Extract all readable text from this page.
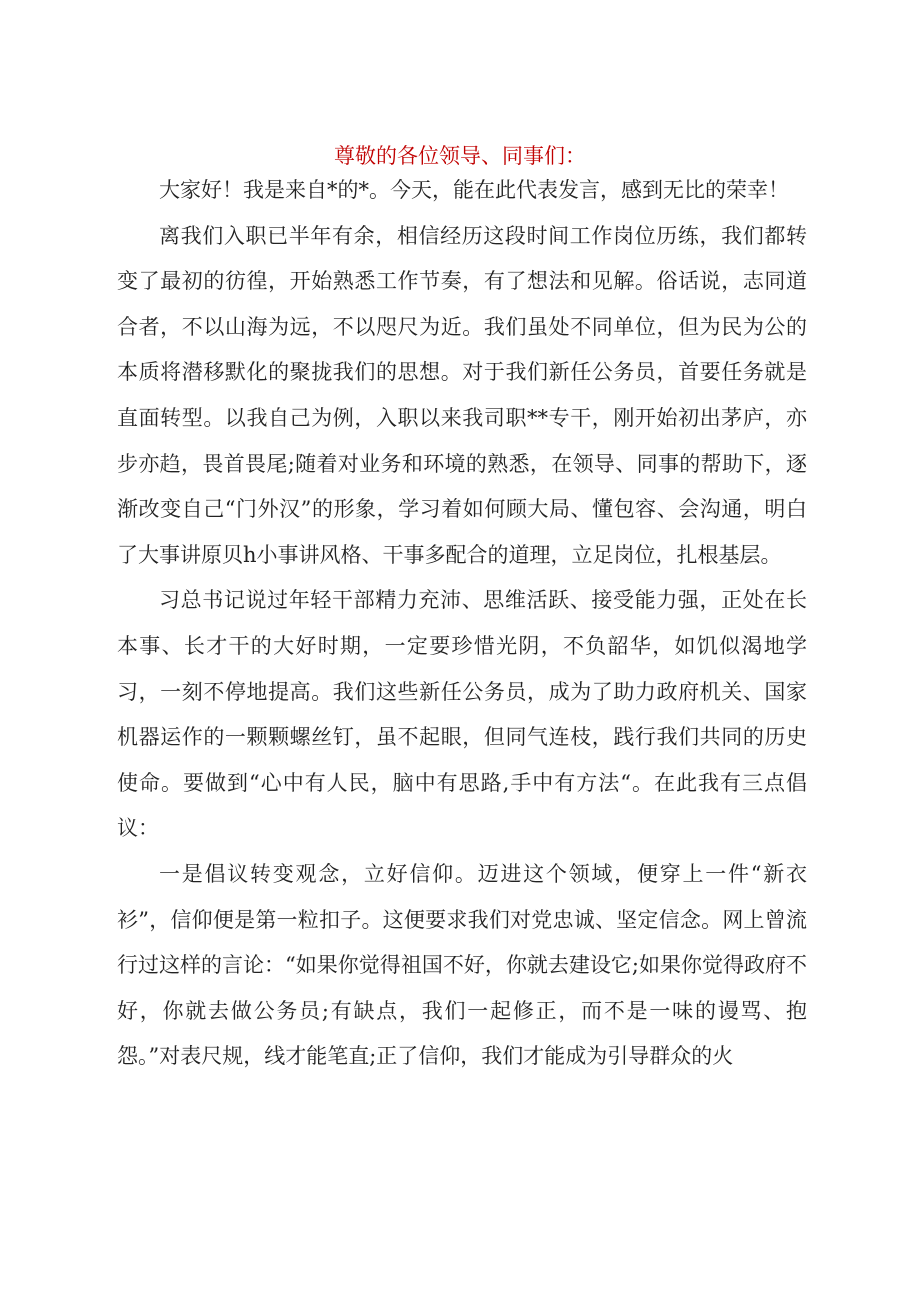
尊敬的各位领导、同事们：

大家好！我是来自*的*。今天，能在此代表发言，感到无比的荣幸！

离我们入职已半年有余，相信经历这段时间工作岗位历练，我们都转变了最初的彷徨，开始熟悉工作节奏，有了想法和见解。俗话说，志同道合者，不以山海为远，不以咫尺为近。我们虽处不同单位，但为民为公的本质将潜移默化的聚拢我们的思想。对于我们新任公务员，首要任务就是直面转型。以我自己为例，入职以来我司职**专干，刚开始初出茅庐，亦步亦趋，畏首畏尾;随着对业务和环境的熟悉，在领导、同事的帮助下，逐渐改变自己“门外汉”的形象，学习着如何顾大局、懂包容、会沟通，明白了大事讲原贝h小事讲风格、干事多配合的道理，立足岗位，扎根基层。

习总书记说过年轻干部精力充沛、思维活跃、接受能力强，正处在长本事、长才干的大好时期，一定要珍惜光阴，不负韶华，如饥似渴地学习，一刻不停地提高。我们这些新任公务员，成为了助力政府机关、国家机器运作的一颗颗螺丝钉，虽不起眼，但同气连枝，践行我们共同的历史使命。要做到“心中有人民，脑中有思路,手中有方法“。在此我有三点倡议：

一是倡议转变观念，立好信仰。迈进这个领域，便穿上一件“新衣衫”，信仰便是第一粒扣子。这便要求我们对党忠诚、坚定信念。网上曾流行过这样的言论：“如果你觉得祖国不好，你就去建设它;如果你觉得政府不好，你就去做公务员;有缺点，我们一起修正，而不是一味的谩骂、抱怨。”对表尺规，线才能笔直;正了信仰，我们才能成为引导群众的火
